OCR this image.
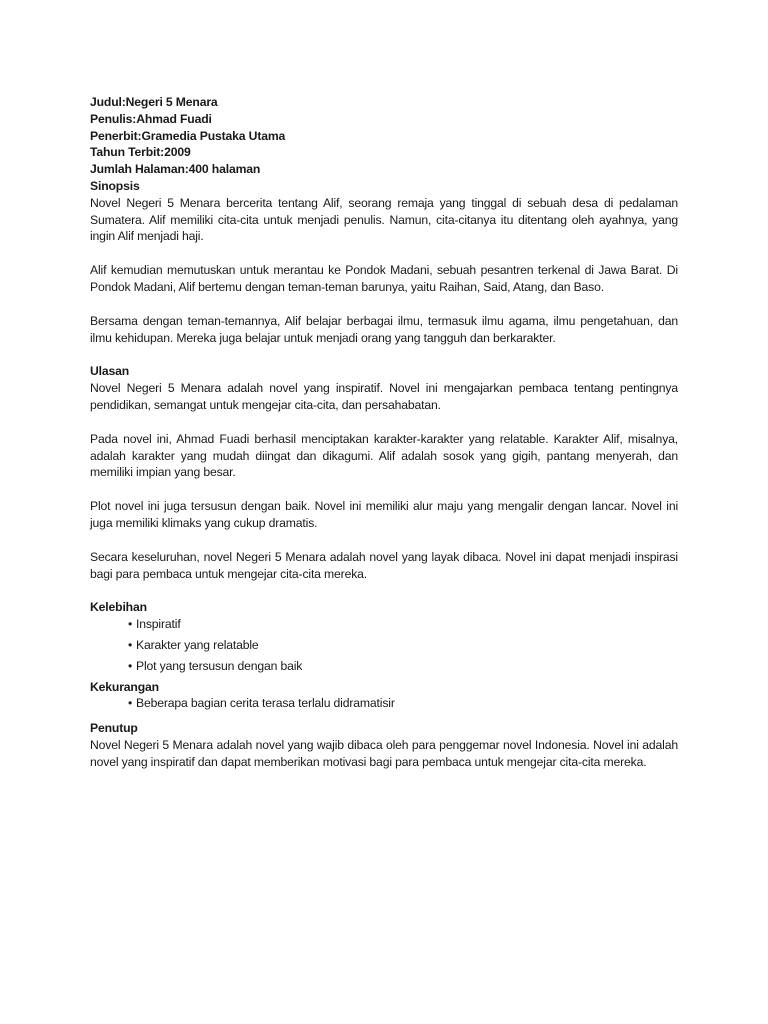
Judul:Negeri 5 Menara
Penulis:Ahmad Fuadi
Penerbit:Gramedia Pustaka Utama
Tahun Terbit:2009
Jumlah Halaman:400 halaman
Sinopsis

Novel Negeri 5 Menara bercerita tentang Alif, seorang remaja yang tinggal di sebuah desa di pedalaman Sumatera. Alif memiliki cita-cita untuk menjadi penulis. Namun, cita-citanya itu ditentang oleh ayahnya, yang ingin Alif menjadi haji.

Alif kemudian memutuskan untuk merantau ke Pondok Madani, sebuah pesantren terkenal di Jawa Barat. Di Pondok Madani, Alif bertemu dengan teman-teman barunya, yaitu Raihan, Said, Atang, dan Baso.

Bersama dengan teman-temannya, Alif belajar berbagai ilmu, termasuk ilmu agama, ilmu pengetahuan, dan ilmu kehidupan. Mereka juga belajar untuk menjadi orang yang tangguh dan berkarakter.

Ulasan

Novel Negeri 5 Menara adalah novel yang inspiratif. Novel ini mengajarkan pembaca tentang pentingnya pendidikan, semangat untuk mengejar cita-cita, dan persahabatan.

Pada novel ini, Ahmad Fuadi berhasil menciptakan karakter-karakter yang relatable. Karakter Alif, misalnya, adalah karakter yang mudah diingat dan dikagumi. Alif adalah sosok yang gigih, pantang menyerah, dan memiliki impian yang besar.

Plot novel ini juga tersusun dengan baik. Novel ini memiliki alur maju yang mengalir dengan lancar. Novel ini juga memiliki klimaks yang cukup dramatis.

Secara keseluruhan, novel Negeri 5 Menara adalah novel yang layak dibaca. Novel ini dapat menjadi inspirasi bagi para pembaca untuk mengejar cita-cita mereka.

Kelebihan
• Inspiratif
• Karakter yang relatable
• Plot yang tersusun dengan baik
Kekurangan
• Beberapa bagian cerita terasa terlalu didramatisir
Penutup

Novel Negeri 5 Menara adalah novel yang wajib dibaca oleh para penggemar novel Indonesia. Novel ini adalah novel yang inspiratif dan dapat memberikan motivasi bagi para pembaca untuk mengejar cita-cita mereka.
